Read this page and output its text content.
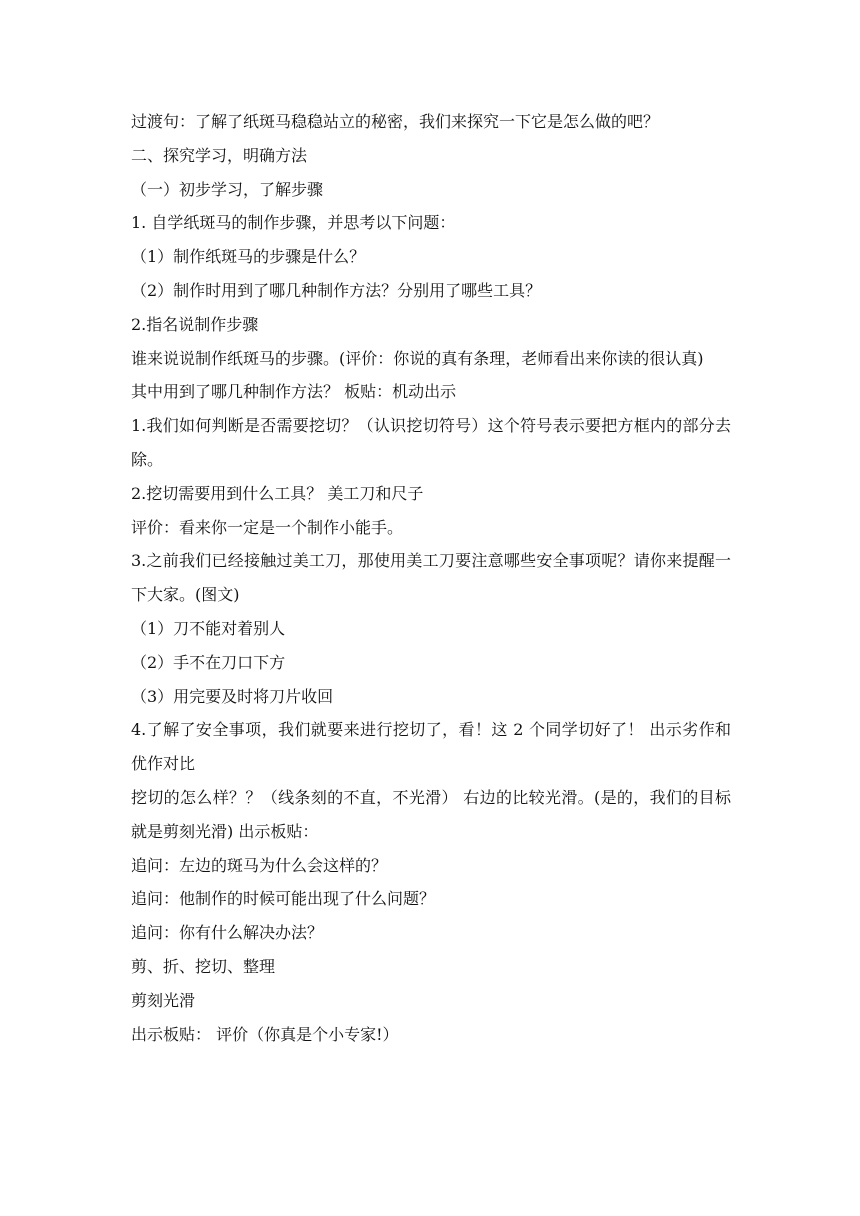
过渡句：了解了纸斑马稳稳站立的秘密，我们来探究一下它是怎么做的吧？

二、探究学习，明确方法

（一）初步学习，了解步骤

1. 自学纸斑马的制作步骤，并思考以下问题：

（1）制作纸斑马的步骤是什么？

（2）制作时用到了哪几种制作方法？分别用了哪些工具？

2.指名说制作步骤

谁来说说制作纸斑马的步骤。(评价：你说的真有条理，老师看出来你读的很认真)

其中用到了哪几种制作方法？ 板贴：机动出示

1.我们如何判断是否需要挖切？（认识挖切符号）这个符号表示要把方框内的部分去除。

2.挖切需要用到什么工具？ 美工刀和尺子

评价：看来你一定是一个制作小能手。

3.之前我们已经接触过美工刀，那使用美工刀要注意哪些安全事项呢？请你来提醒一下大家。(图文)

（1）刀不能对着别人

（2）手不在刀口下方

（3）用完要及时将刀片收回

4.了解了安全事项，我们就要来进行挖切了，看！这 2 个同学切好了！ 出示劣作和优作对比

挖切的怎么样？？（线条刻的不直，不光滑） 右边的比较光滑。(是的，我们的目标就是剪刻光滑) 出示板贴：

追问：左边的斑马为什么会这样的？

追问：他制作的时候可能出现了什么问题？

追问：你有什么解决办法？

剪、折、挖切、整理

剪刻光滑

出示板贴： 评价（你真是个小专家!）
